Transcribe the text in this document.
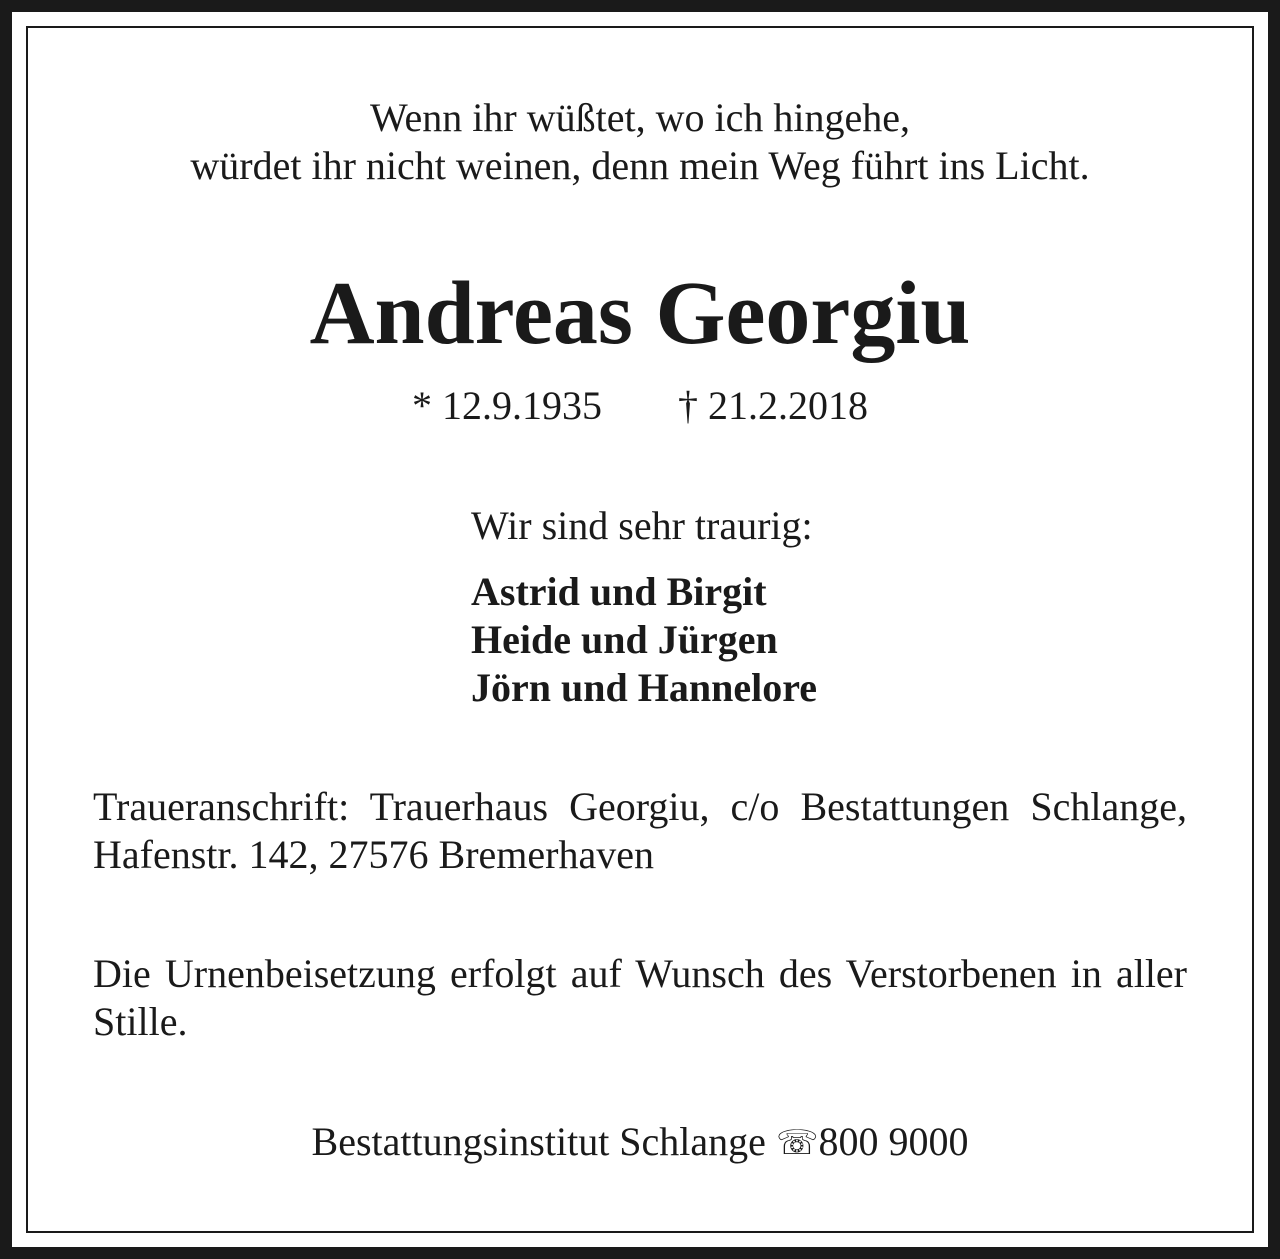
Wenn ihr wüßtet, wo ich hingehe,
würdet ihr nicht weinen, denn mein Weg führt ins Licht.
Andreas Georgiu
* 12.9.1935 † 21.2.2018
Wir sind sehr traurig:
Astrid und Birgit
Heide und Jürgen
Jörn und Hannelore
Traueranschrift: Trauerhaus Georgiu, c/o Bestattungen Schlange, Hafenstr. 142, 27576 Bremerhaven
Die Urnenbeisetzung erfolgt auf Wunsch des Verstorbenen in aller Stille.
Bestattungsinstitut Schlange ☏800 9000
